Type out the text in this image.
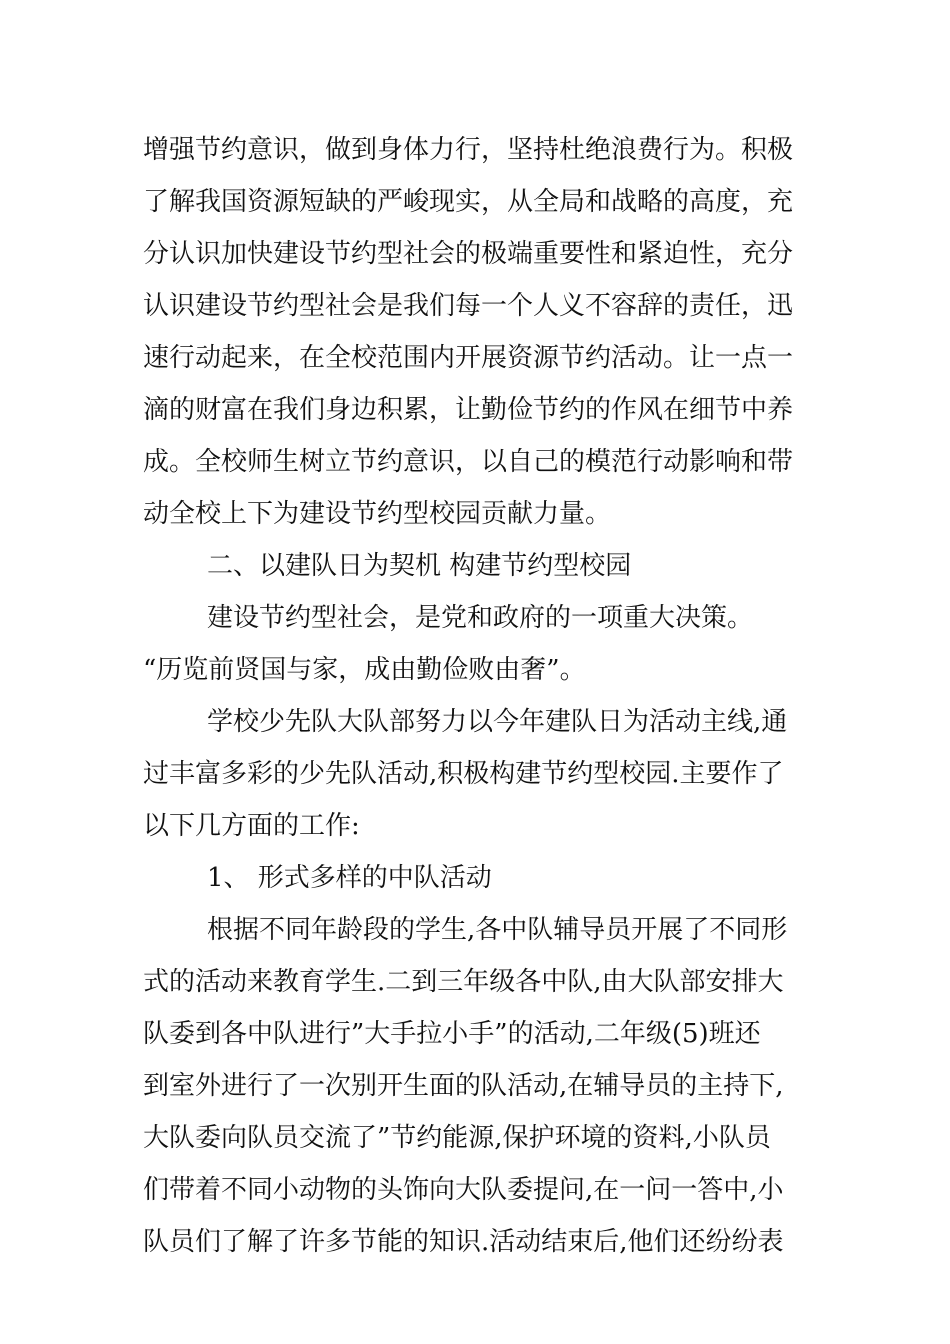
增强节约意识，做到身体力行，坚持杜绝浪费行为。积极
了解我国资源短缺的严峻现实，从全局和战略的高度，充
分认识加快建设节约型社会的极端重要性和紧迫性，充分
认识建设节约型社会是我们每一个人义不容辞的责任，迅
速行动起来，在全校范围内开展资源节约活动。让一点一
滴的财富在我们身边积累，让勤俭节约的作风在细节中养
成。全校师生树立节约意识，以自己的模范行动影响和带
动全校上下为建设节约型校园贡献力量。
二、以建队日为契机 构建节约型校园
建设节约型社会，是党和政府的一项重大决策。
“历览前贤国与家，成由勤俭败由奢”。
学校少先队大队部努力以今年建队日为活动主线,通
过丰富多彩的少先队活动,积极构建节约型校园.主要作了
以下几方面的工作:
1、 形式多样的中队活动
根据不同年龄段的学生,各中队辅导员开展了不同形
式的活动来教育学生.二到三年级各中队,由大队部安排大
队委到各中队进行”大手拉小手”的活动,二年级(5)班还
到室外进行了一次别开生面的队活动,在辅导员的主持下,
大队委向队员交流了”节约能源,保护环境的资料,小队员
们带着不同小动物的头饰向大队委提问,在一问一答中,小
队员们了解了许多节能的知识.活动结束后,他们还纷纷表
